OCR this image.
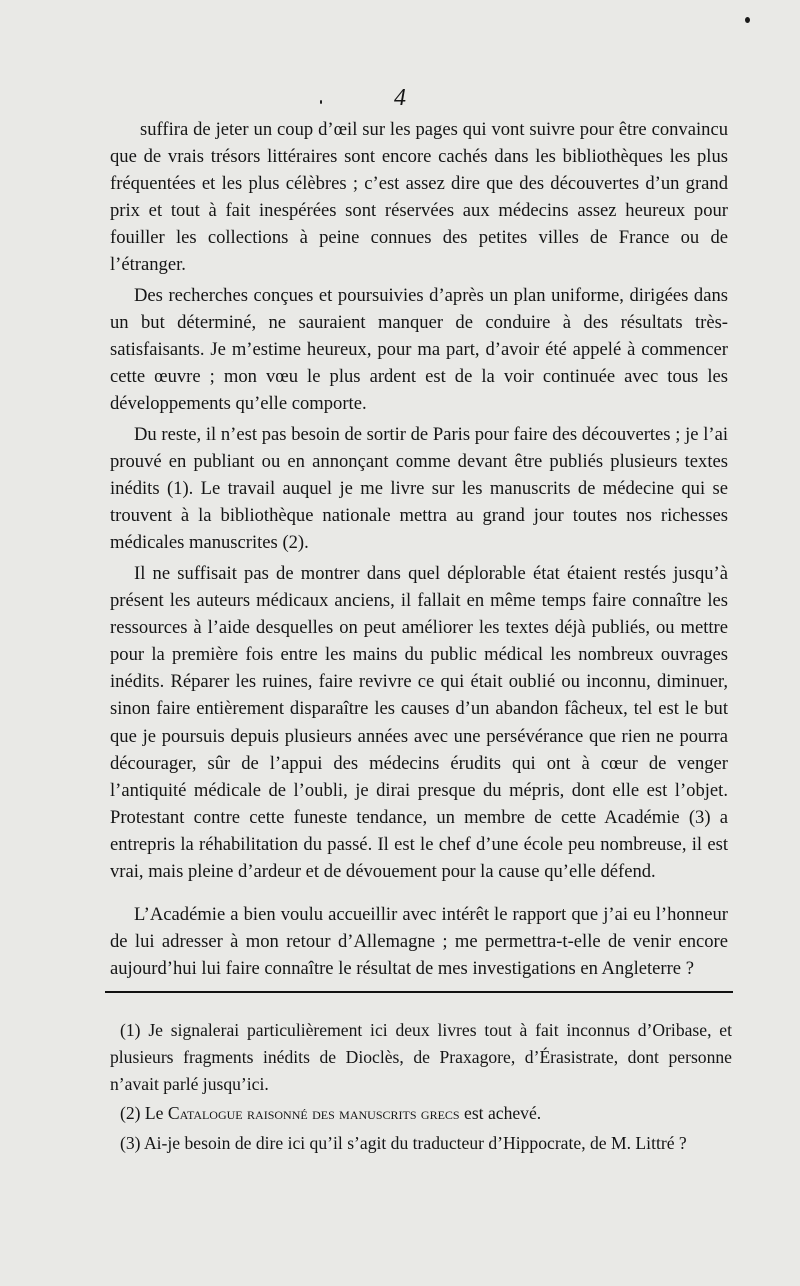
4

suffira de jeter un coup d’œil sur les pages qui vont suivre pour être convaincu que de vrais trésors littéraires sont encore cachés dans les bibliothèques les plus fréquentées et les plus célèbres ; c’est assez dire que des découvertes d’un grand prix et tout à fait inespérées sont réservées aux médecins assez heureux pour fouiller les collections à peine connues des petites villes de France ou de l’étranger.

Des recherches conçues et poursuivies d’après un plan uniforme, dirigées dans un but déterminé, ne sauraient manquer de conduire à des résultats très-satisfaisants. Je m’estime heureux, pour ma part, d’avoir été appelé à commencer cette œuvre ; mon vœu le plus ardent est de la voir continuée avec tous les développements qu’elle comporte.

Du reste, il n’est pas besoin de sortir de Paris pour faire des découvertes ; je l’ai prouvé en publiant ou en annonçant comme devant être publiés plusieurs textes inédits (1). Le travail auquel je me livre sur les manuscrits de médecine qui se trouvent à la bibliothèque nationale mettra au grand jour toutes nos richesses médicales manuscrites (2).

Il ne suffisait pas de montrer dans quel déplorable état étaient restés jusqu’à présent les auteurs médicaux anciens, il fallait en même temps faire connaître les ressources à l’aide desquelles on peut améliorer les textes déjà publiés, ou mettre pour la première fois entre les mains du public médical les nombreux ouvrages inédits. Réparer les ruines, faire revivre ce qui était oublié ou inconnu, diminuer, sinon faire entièrement disparaître les causes d’un abandon fâcheux, tel est le but que je poursuis depuis plusieurs années avec une persévérance que rien ne pourra décourager, sûr de l’appui des médecins érudits qui ont à cœur de venger l’antiquité médicale de l’oubli, je dirai presque du mépris, dont elle est l’objet. Protestant contre cette funeste tendance, un membre de cette Académie (3) a entrepris la réhabilitation du passé. Il est le chef d’une école peu nombreuse, il est vrai, mais pleine d’ardeur et de dévouement pour la cause qu’elle défend.

L’Académie a bien voulu accueillir avec intérêt le rapport que j’ai eu l’honneur de lui adresser à mon retour d’Allemagne ; me permettra-t-elle de venir encore aujourd’hui lui faire connaître le résultat de mes investigations en Angleterre ?

(1) Je signalerai particulièrement ici deux livres tout à fait inconnus d’Oribase, et plusieurs fragments inédits de Dioclès, de Praxagore, d’Érasistrate, dont personne n’avait parlé jusqu’ici.

(2) Le Catalogue raisonné des manuscrits grecs est achevé.

(3) Ai-je besoin de dire ici qu’il s’agit du traducteur d’Hippocrate, de M. Littré ?
